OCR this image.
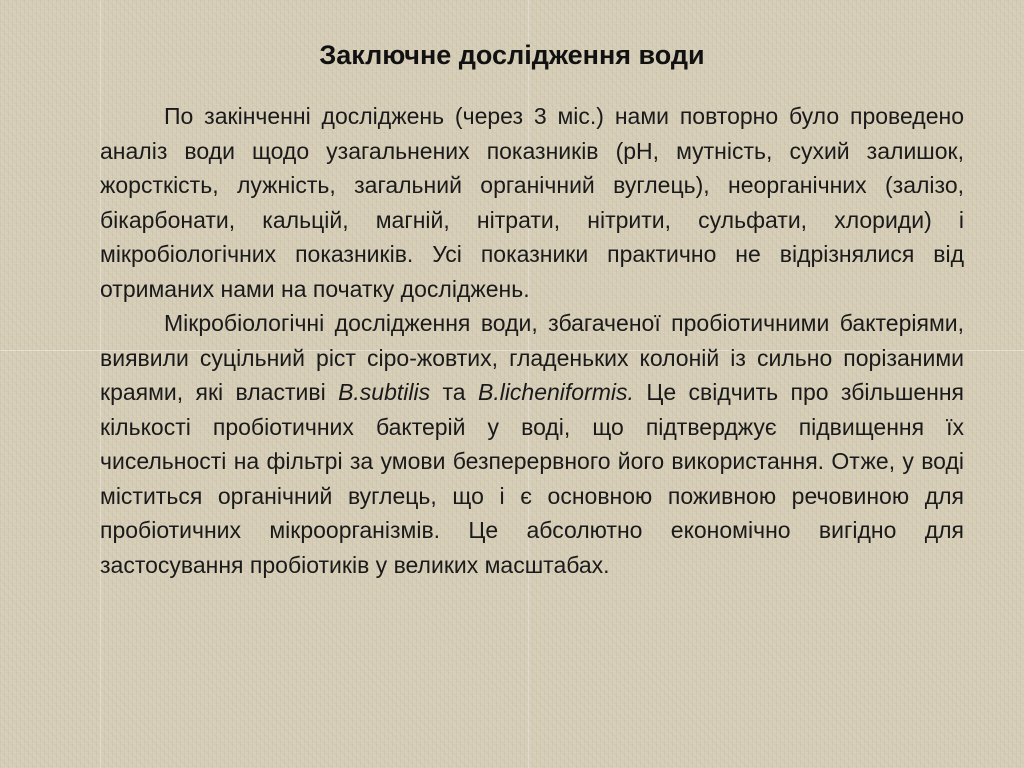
Заключне дослідження води

По закінченні досліджень (через 3 міс.) нами повторно було проведено аналіз води щодо узагальнених показників (рН, мутність, сухий залишок, жорсткість, лужність, загальний органічний вуглець), неорганічних (залізо, бікарбонати, кальцій, магній, нітрати, нітрити, сульфати, хлориди) і мікробіологічних показників. Усі показники практично не відрізнялися від отриманих нами на початку досліджень.

Мікробіологічні дослідження води, збагаченої пробіотичними бактеріями, виявили суцільний ріст сіро-жовтих, гладеньких колоній із сильно порізаними краями, які властиві B.subtilis та B.licheniformis. Це свідчить про збільшення кількості пробіотичних бактерій у воді, що підтверджує підвищення їх чисельності на фільтрі за умови безперервного його використання. Отже, у воді міститься органічний вуглець, що і є основною поживною речовиною для пробіотичних мікроорганізмів. Це абсолютно економічно вигідно для застосування пробіотиків у великих масштабах.
